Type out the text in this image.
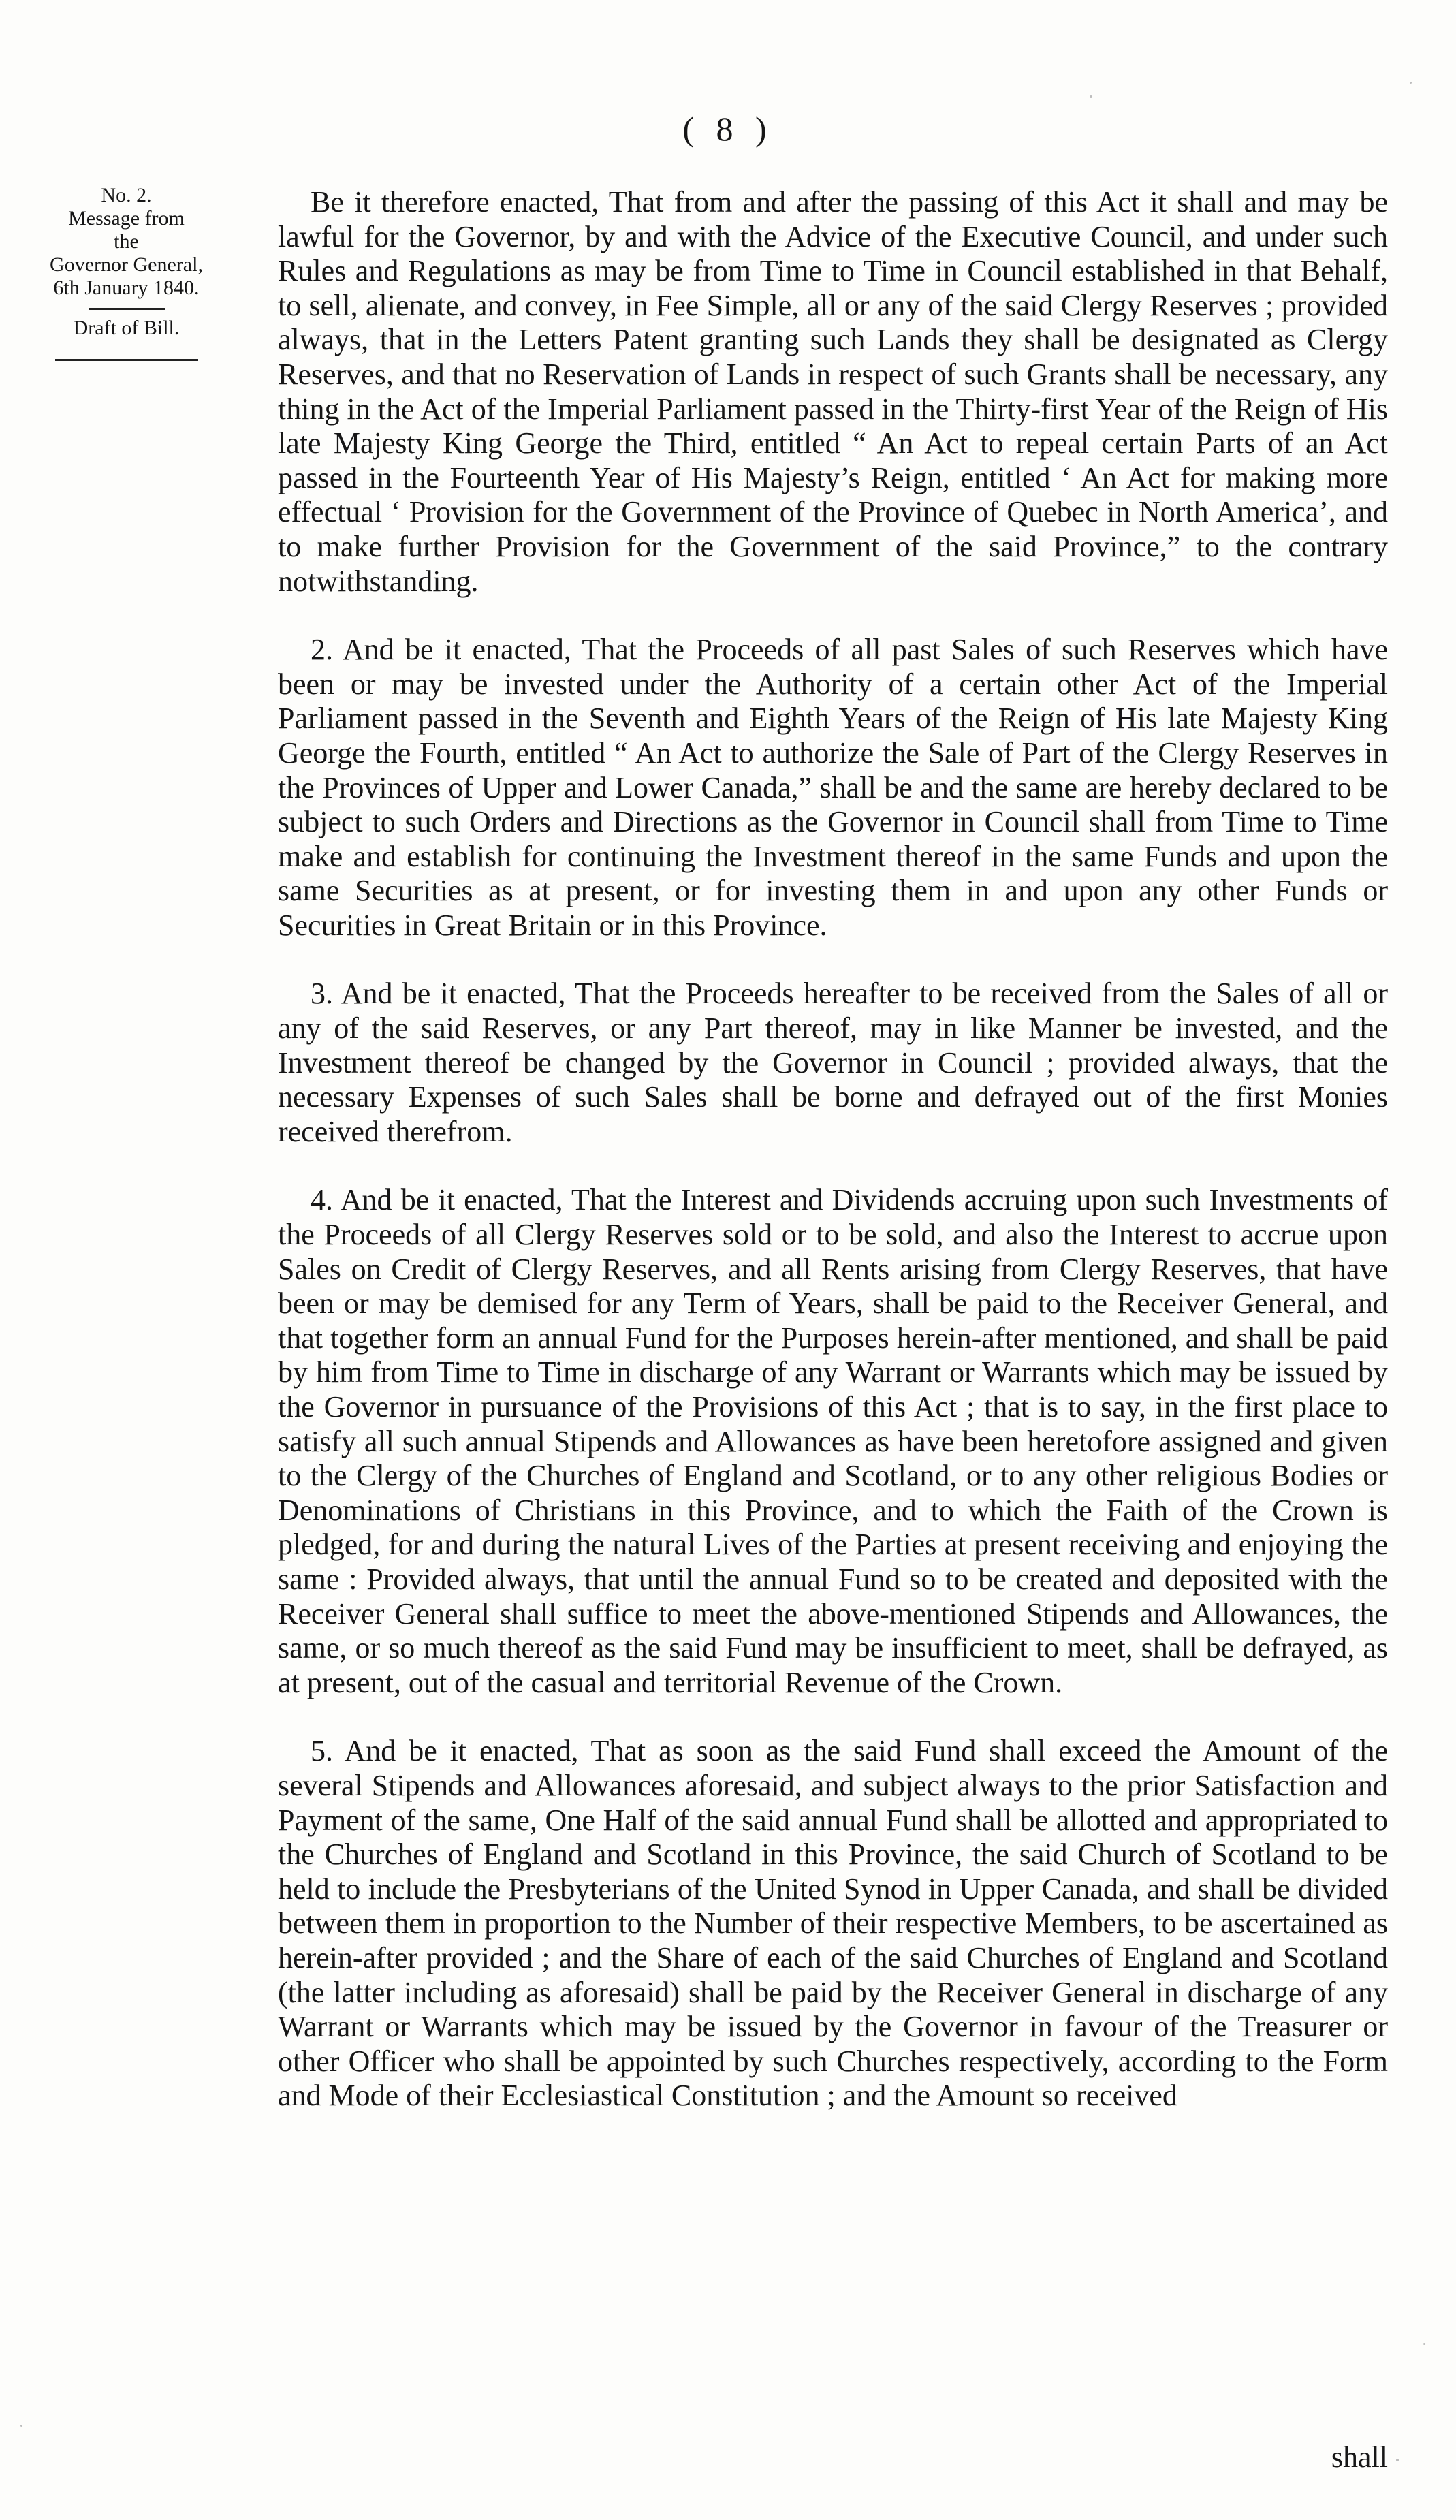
( 8 )
No. 2.
Message from
the
Governor General,
6th January 1840.
Draft of Bill.

Be it therefore enacted, That from and after the passing of this Act it shall and may be lawful for the Governor, by and with the Advice of the Executive Council, and under such Rules and Regulations as may be from Time to Time in Council established in that Behalf, to sell, alienate, and convey, in Fee Simple, all or any of the said Clergy Reserves ; provided always, that in the Letters Patent granting such Lands they shall be designated as Clergy Reserves, and that no Reservation of Lands in respect of such Grants shall be necessary, any thing in the Act of the Imperial Parliament passed in the Thirty-first Year of the Reign of His late Majesty King George the Third, entitled “ An Act to repeal certain Parts of an Act passed in the Fourteenth Year of His Majesty’s Reign, entitled ‘ An Act for making more effectual ‘ Provision for the Government of the Province of Quebec in North America’, and to make further Provision for the Government of the said Province,” to the contrary notwithstanding.

2. And be it enacted, That the Proceeds of all past Sales of such Reserves which have been or may be invested under the Authority of a certain other Act of the Imperial Parliament passed in the Seventh and Eighth Years of the Reign of His late Majesty King George the Fourth, entitled “ An Act to authorize the Sale of Part of the Clergy Reserves in the Provinces of Upper and Lower Canada,” shall be and the same are hereby declared to be subject to such Orders and Directions as the Governor in Council shall from Time to Time make and establish for continuing the Investment thereof in the same Funds and upon the same Securities as at present, or for investing them in and upon any other Funds or Securities in Great Britain or in this Province.

3. And be it enacted, That the Proceeds hereafter to be received from the Sales of all or any of the said Reserves, or any Part thereof, may in like Manner be invested, and the Investment thereof be changed by the Governor in Council ; provided always, that the necessary Expenses of such Sales shall be borne and defrayed out of the first Monies received therefrom.

4. And be it enacted, That the Interest and Dividends accruing upon such Investments of the Proceeds of all Clergy Reserves sold or to be sold, and also the Interest to accrue upon Sales on Credit of Clergy Reserves, and all Rents arising from Clergy Reserves, that have been or may be demised for any Term of Years, shall be paid to the Receiver General, and that together form an annual Fund for the Purposes herein-after mentioned, and shall be paid by him from Time to Time in discharge of any Warrant or Warrants which may be issued by the Governor in pursuance of the Provisions of this Act ; that is to say, in the first place to satisfy all such annual Stipends and Allowances as have been heretofore assigned and given to the Clergy of the Churches of England and Scotland, or to any other religious Bodies or Denominations of Christians in this Province, and to which the Faith of the Crown is pledged, for and during the natural Lives of the Parties at present receiving and enjoying the same : Provided always, that until the annual Fund so to be created and deposited with the Receiver General shall suffice to meet the above-mentioned Stipends and Allowances, the same, or so much thereof as the said Fund may be insufficient to meet, shall be defrayed, as at present, out of the casual and territorial Revenue of the Crown.

5. And be it enacted, That as soon as the said Fund shall exceed the Amount of the several Stipends and Allowances aforesaid, and subject always to the prior Satisfaction and Payment of the same, One Half of the said annual Fund shall be allotted and appropriated to the Churches of England and Scotland in this Province, the said Church of Scotland to be held to include the Presbyterians of the United Synod in Upper Canada, and shall be divided between them in proportion to the Number of their respective Members, to be ascertained as herein-after provided ; and the Share of each of the said Churches of England and Scotland (the latter including as aforesaid) shall be paid by the Receiver General in discharge of any Warrant or Warrants which may be issued by the Governor in favour of the Treasurer or other Officer who shall be appointed by such Churches respectively, according to the Form and Mode of their Ecclesiastical Constitution ; and the Amount so received

shall
